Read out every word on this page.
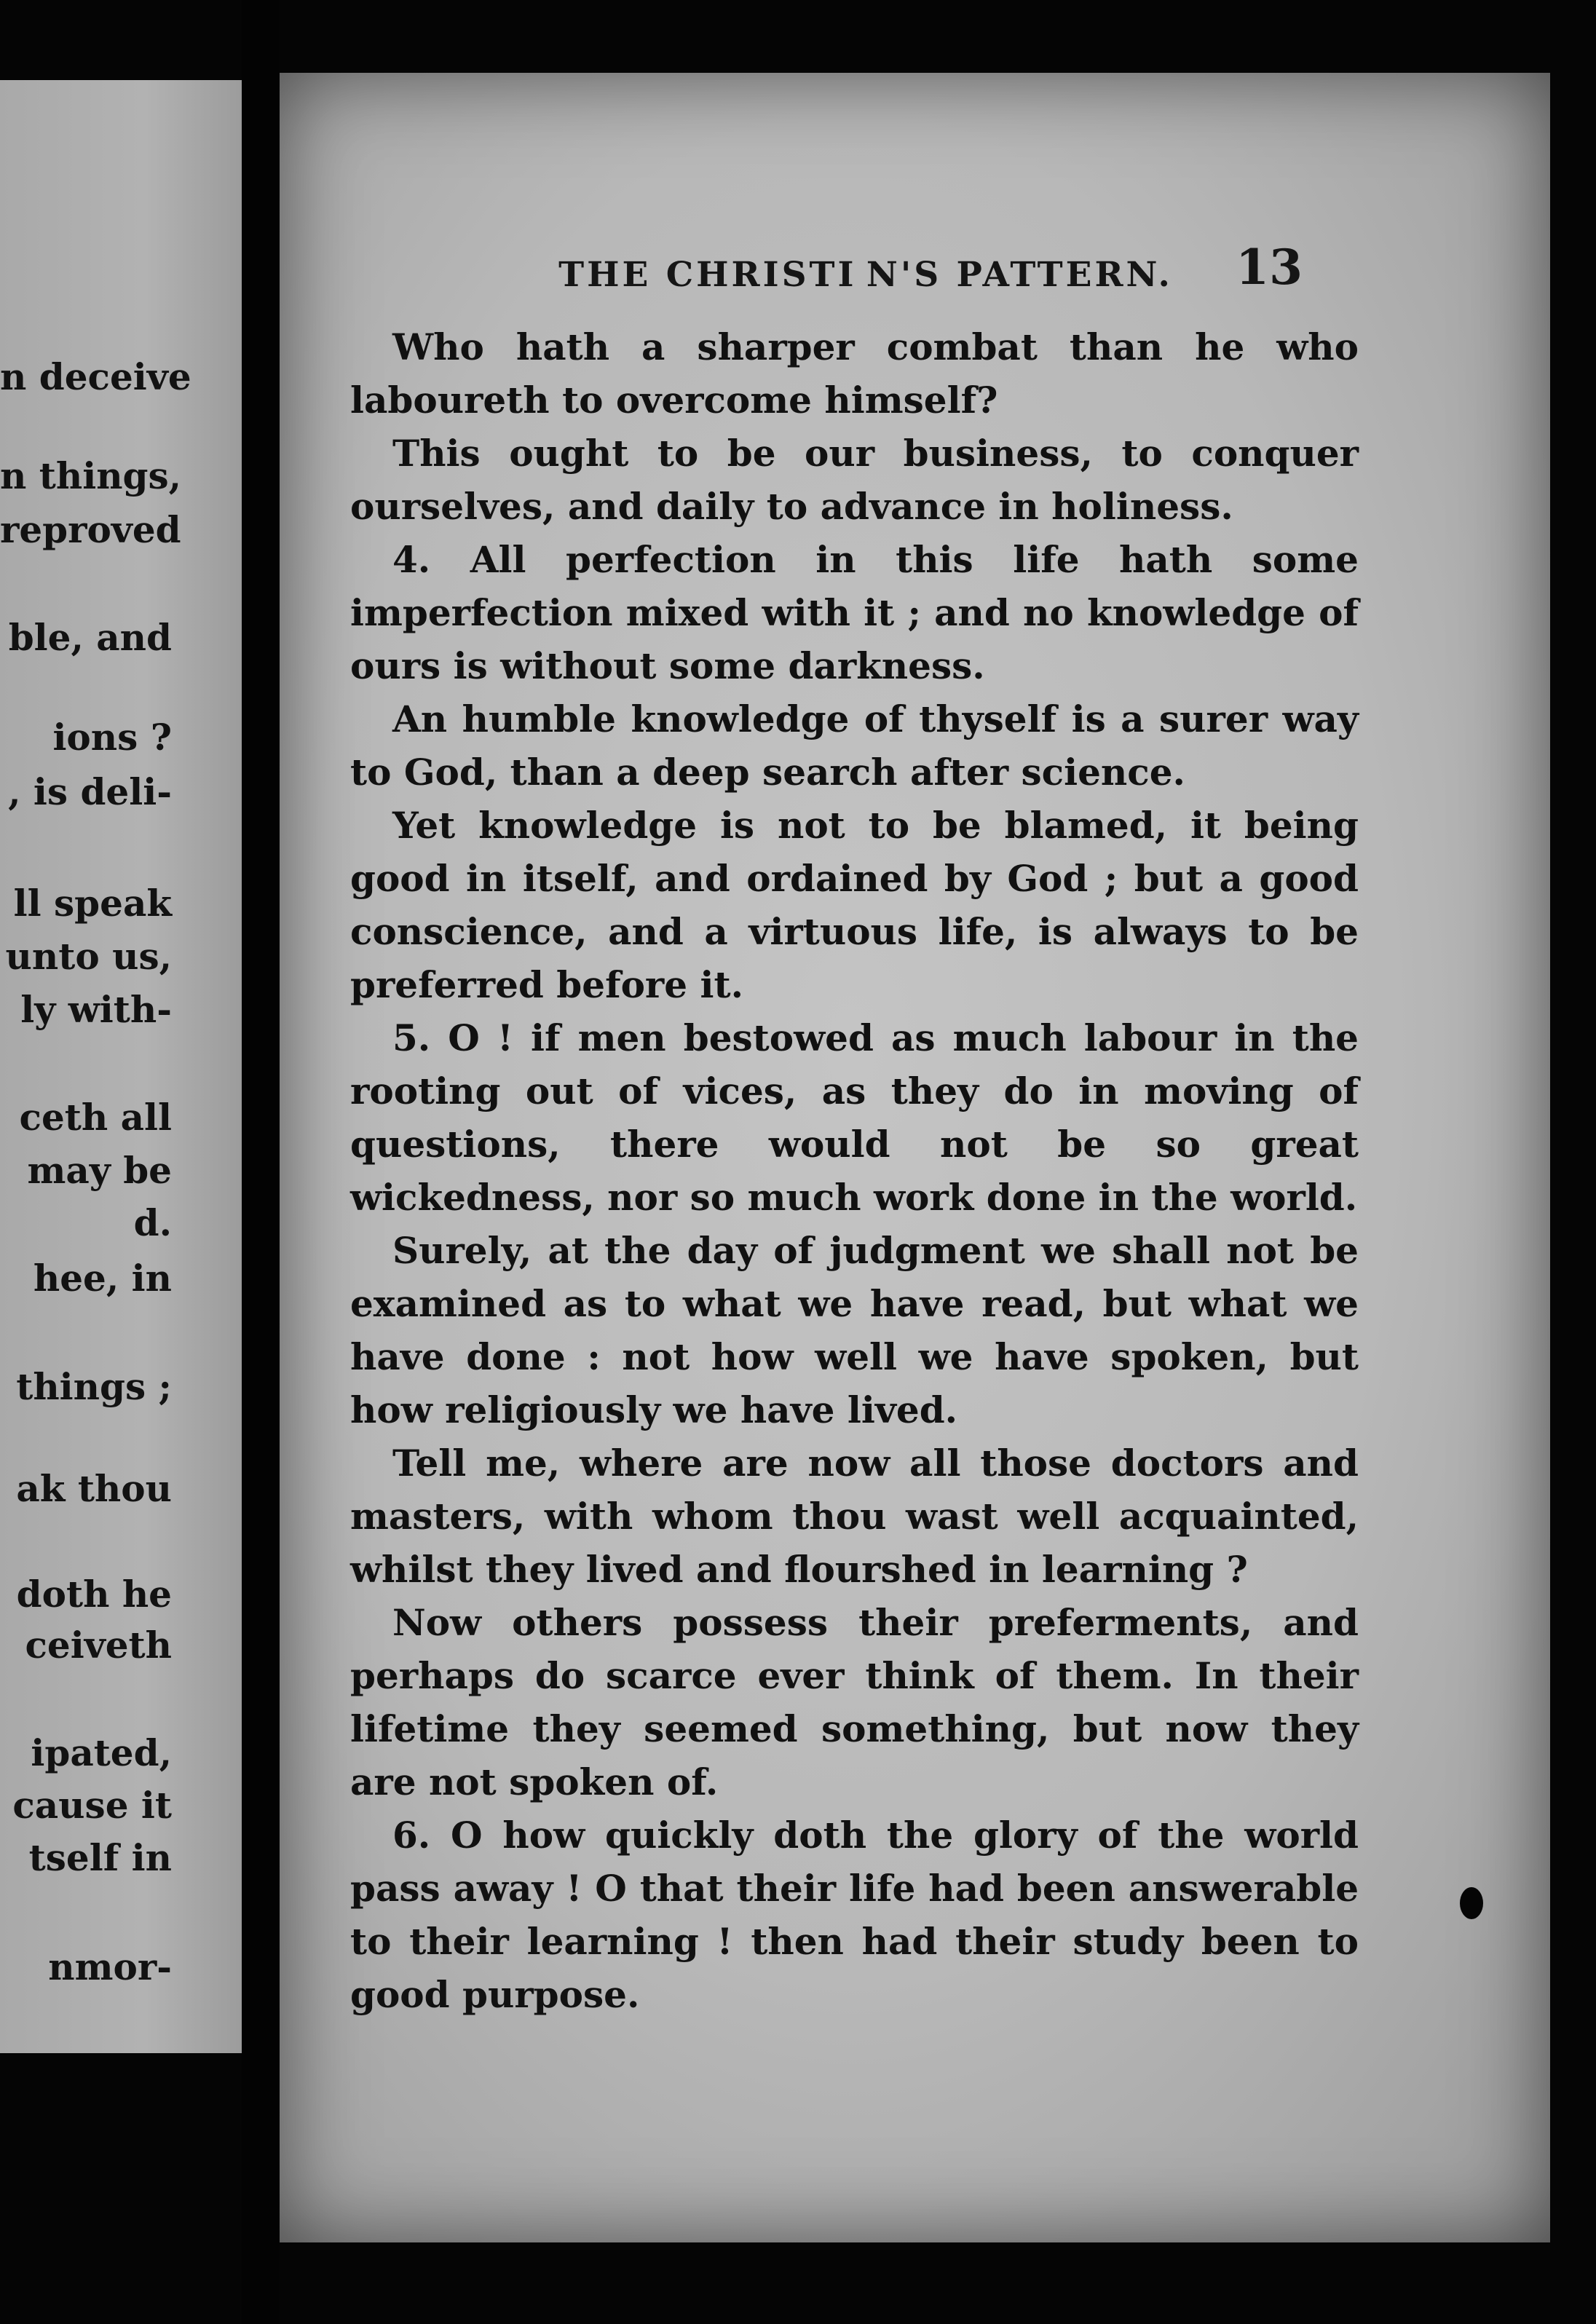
n deceive
n things,
reproved
ble, and
ions ?
, is deli-
ll speak
unto us,
ly with-
ceth all
may be
d.
hee, in
things ;
ak thou
doth he
ceiveth
ipated,
cause it
tself in
nmor-
THE CHRISTI N'S PATTERN.	13

Who hath a sharper combat than he who laboureth to overcome himself?

This ought to be our business, to conquer ourselves, and daily to advance in holiness.

4. All perfection in this life hath some imperfection mixed with it ; and no knowledge of ours is without some darkness.

An humble knowledge of thyself is a surer way to God, than a deep search after science.

Yet knowledge is not to be blamed, it being good in itself, and ordained by God ; but a good conscience, and a virtuous life, is always to be preferred before it.

5. O ! if men bestowed as much labour in the rooting out of vices, as they do in moving of questions, there would not be so great wickedness, nor so much work done in the world.

Surely, at the day of judgment we shall not be examined as to what we have read, but what we have done : not how well we have spoken, but how religiously we have lived.

Tell me, where are now all those doctors and masters, with whom thou wast well acquainted, whilst they lived and flourshed in learning ?

Now others possess their preferments, and perhaps do scarce ever think of them. In their lifetime they seemed something, but now they are not spoken of.

6. O how quickly doth the glory of the world pass away ! O that their life had been answerable to their learning ! then had their study been to good purpose.
